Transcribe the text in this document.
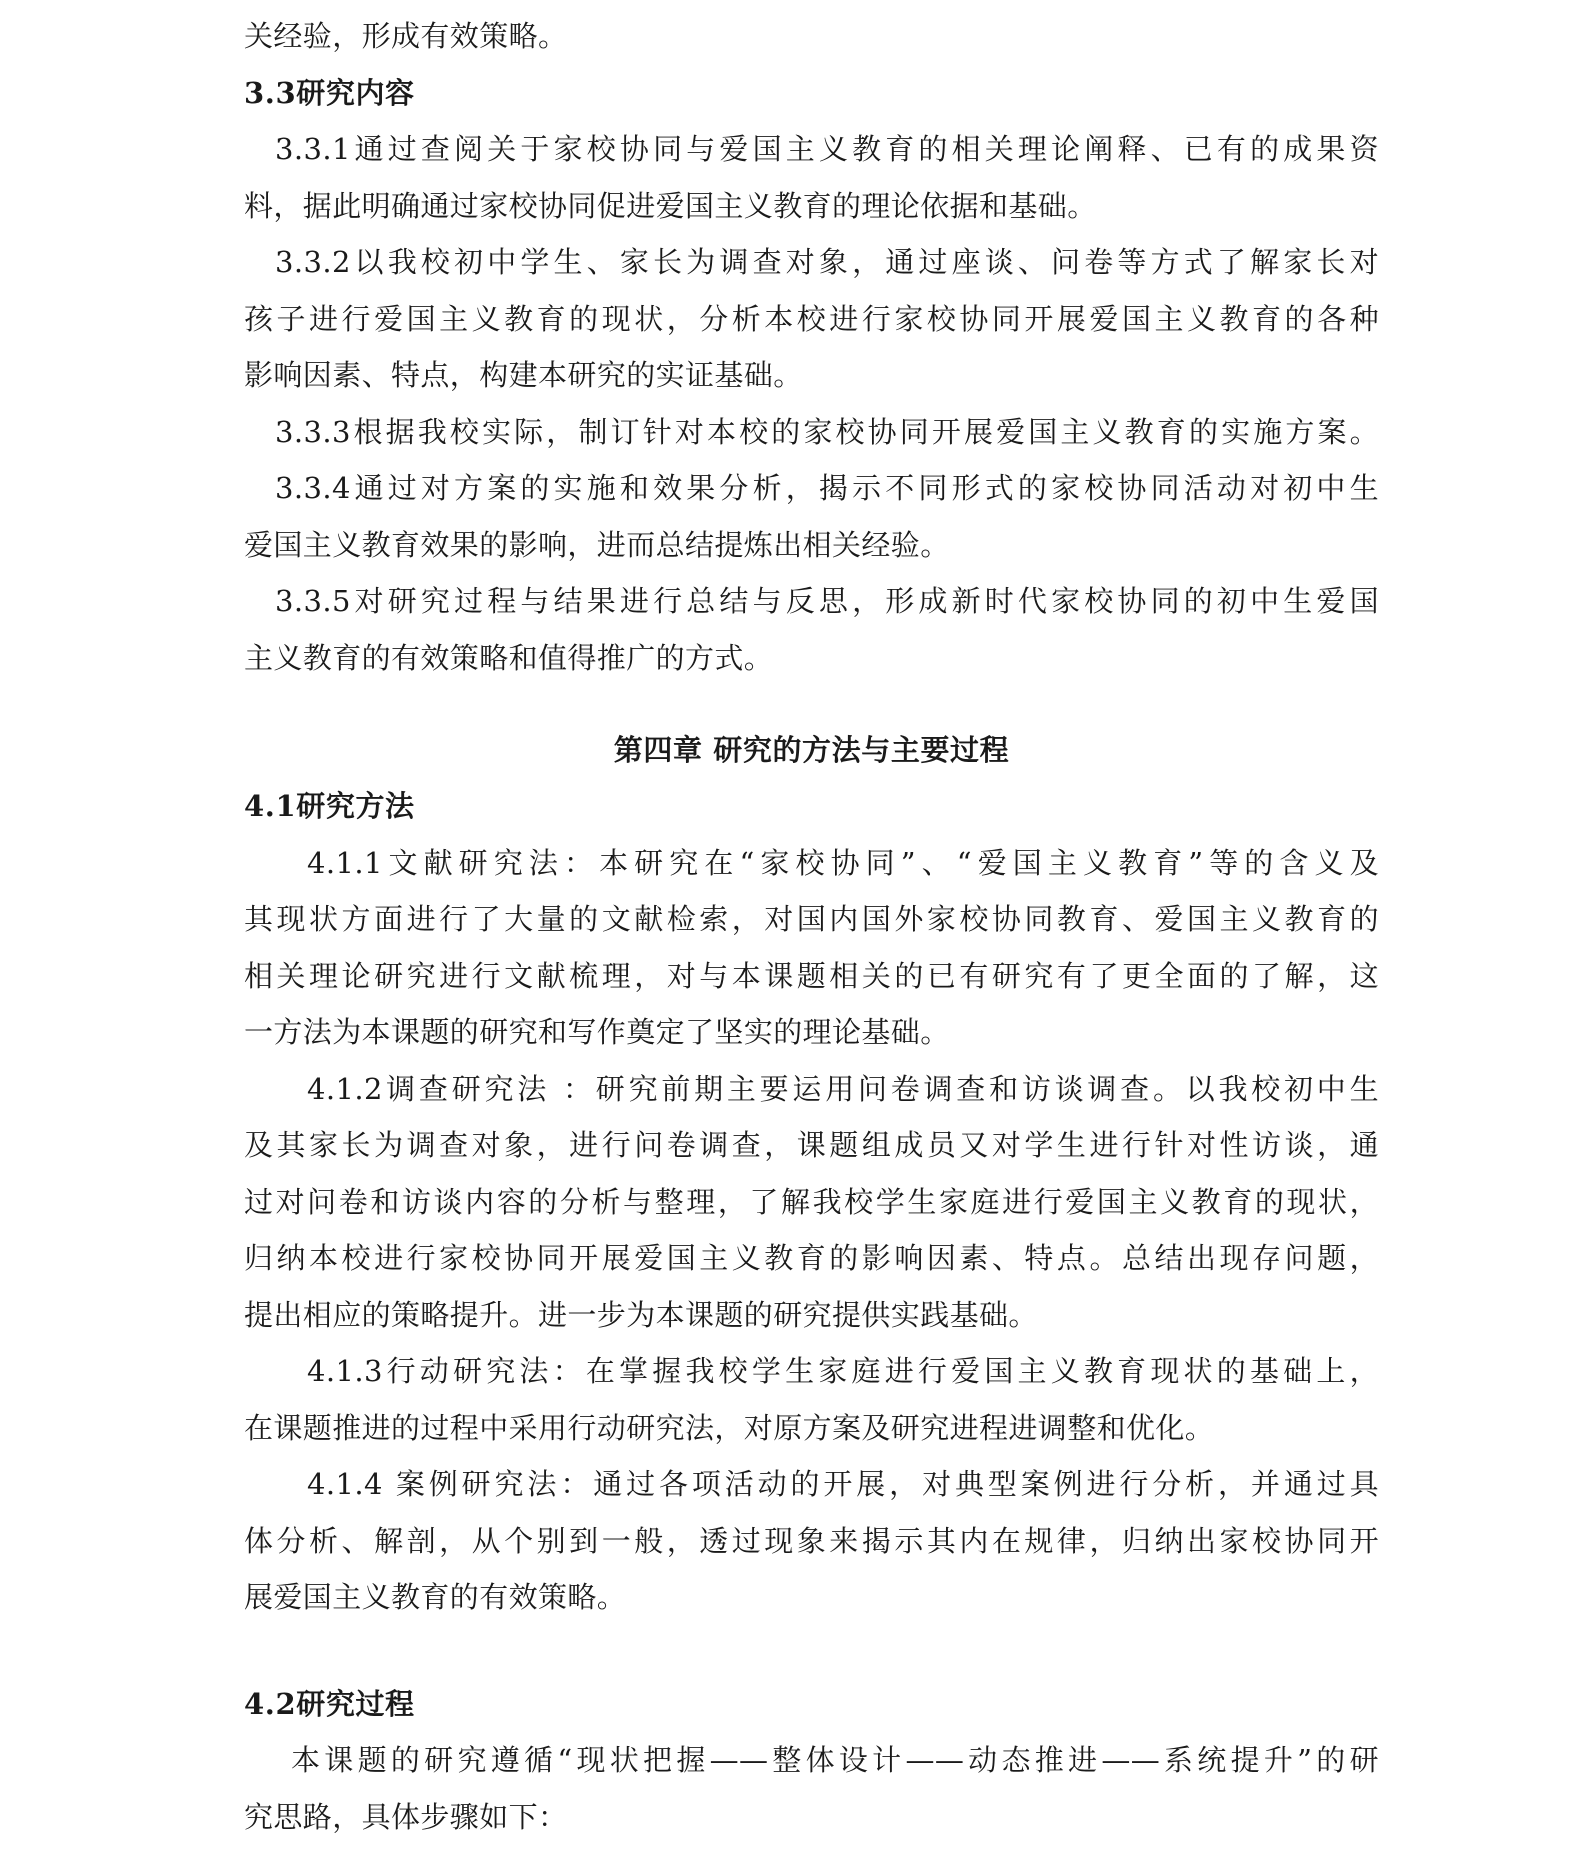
关经验，形成有效策略。
3.3研究内容
3.3.1通过查阅关于家校协同与爱国主义教育的相关理论阐释、已有的成果资
料，据此明确通过家校协同促进爱国主义教育的理论依据和基础。
3.3.2以我校初中学生、家长为调查对象，通过座谈、问卷等方式了解家长对
孩子进行爱国主义教育的现状，分析本校进行家校协同开展爱国主义教育的各种
影响因素、特点，构建本研究的实证基础。
3.3.3根据我校实际，制订针对本校的家校协同开展爱国主义教育的实施方案。
3.3.4通过对方案的实施和效果分析，揭示不同形式的家校协同活动对初中生
爱国主义教育效果的影响，进而总结提炼出相关经验。
3.3.5对研究过程与结果进行总结与反思，形成新时代家校协同的初中生爱国
主义教育的有效策略和值得推广的方式。
第四章 研究的方法与主要过程
4.1研究方法
4.1.1文献研究法：本研究在“家校协同”、“爱国主义教育”等的含义及
其现状方面进行了大量的文献检索，对国内国外家校协同教育、爱国主义教育的
相关理论研究进行文献梳理，对与本课题相关的已有研究有了更全面的了解，这
一方法为本课题的研究和写作奠定了坚实的理论基础。
4.1.2调查研究法 ：研究前期主要运用问卷调查和访谈调查。以我校初中生
及其家长为调查对象，进行问卷调查，课题组成员又对学生进行针对性访谈，通
过对问卷和访谈内容的分析与整理，了解我校学生家庭进行爱国主义教育的现状，
归纳本校进行家校协同开展爱国主义教育的影响因素、特点。总结出现存问题，
提出相应的策略提升。进一步为本课题的研究提供实践基础。
4.1.3行动研究法：在掌握我校学生家庭进行爱国主义教育现状的基础上，
在课题推进的过程中采用行动研究法，对原方案及研究进程进调整和优化。
4.1.4 案例研究法：通过各项活动的开展，对典型案例进行分析，并通过具
体分析、解剖，从个别到一般，透过现象来揭示其内在规律，归纳出家校协同开
展爱国主义教育的有效策略。
4.2研究过程
本课题的研究遵循“现状把握——整体设计——动态推进——系统提升”的研
究思路，具体步骤如下：
